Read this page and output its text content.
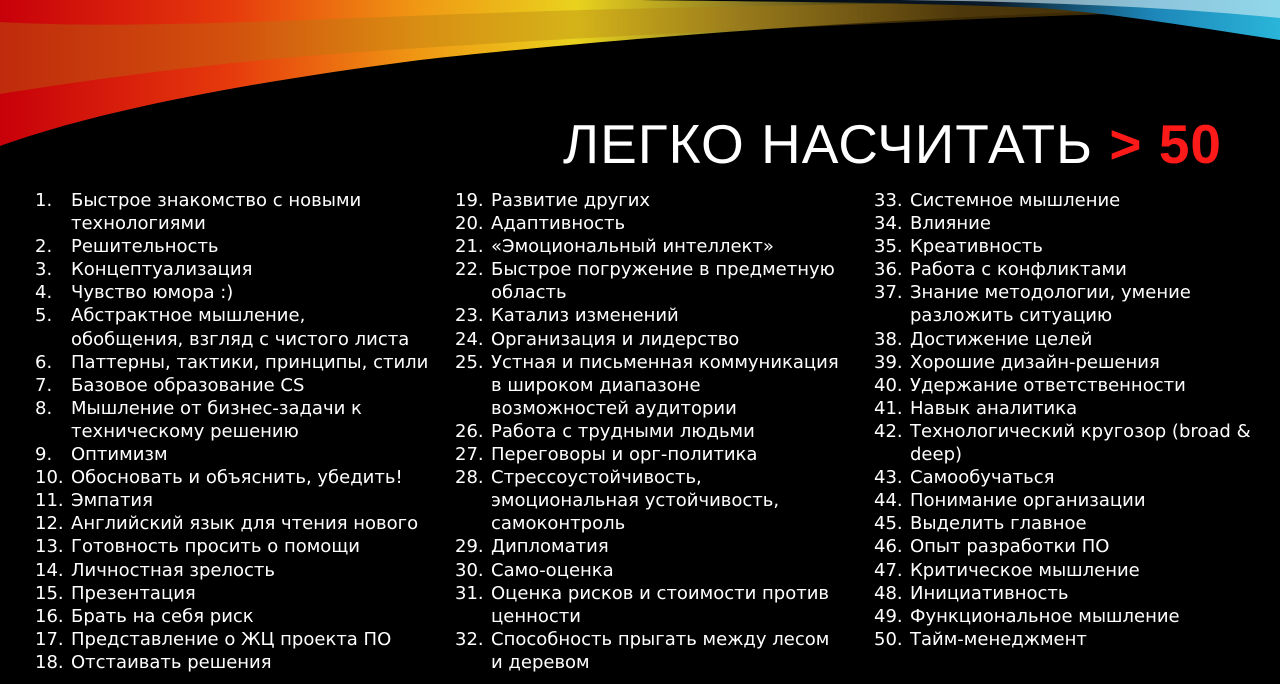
ЛЕГКО НАСЧИТАТЬ > 50
1. Быстрое знакомство с новыми
технологиями
2. Решительность
3. Концептуализация
4. Чувство юмора :)
5. Абстрактное мышление,
обобщения, взгляд с чистого листа
6. Паттерны, тактики, принципы, стили
7. Базовое образование CS
8. Мышление от бизнес-задачи к
техническому решению
9. Оптимизм
10. Обосновать и объяснить, убедить!
11. Эмпатия
12. Английский язык для чтения нового
13. Готовность просить о помощи
14. Личностная зрелость
15. Презентация
16. Брать на себя риск
17. Представление о ЖЦ проекта ПО
18. Отстаивать решения
19. Развитие других
20. Адаптивность
21. «Эмоциональный интеллект»
22. Быстрое погружение в предметную
область
23. Катализ изменений
24. Организация и лидерство
25. Устная и письменная коммуникация
в широком диапазоне
возможностей аудитории
26. Работа с трудными людьми
27. Переговоры и орг-политика
28. Стрессоустойчивость,
эмоциональная устойчивость,
самоконтроль
29. Дипломатия
30. Само-оценка
31. Оценка рисков и стоимости против
ценности
32. Способность прыгать между лесом
и деревом
33. Системное мышление
34. Влияние
35. Креативность
36. Работа с конфликтами
37. Знание методологии, умение
разложить ситуацию
38. Достижение целей
39. Хорошие дизайн-решения
40. Удержание ответственности
41. Навык аналитика
42. Технологический кругозор (broad &
deep)
43. Самообучаться
44. Понимание организации
45. Выделить главное
46. Опыт разработки ПО
47. Критическое мышление
48. Инициативность
49. Функциональное мышление
50. Тайм-менеджмент
